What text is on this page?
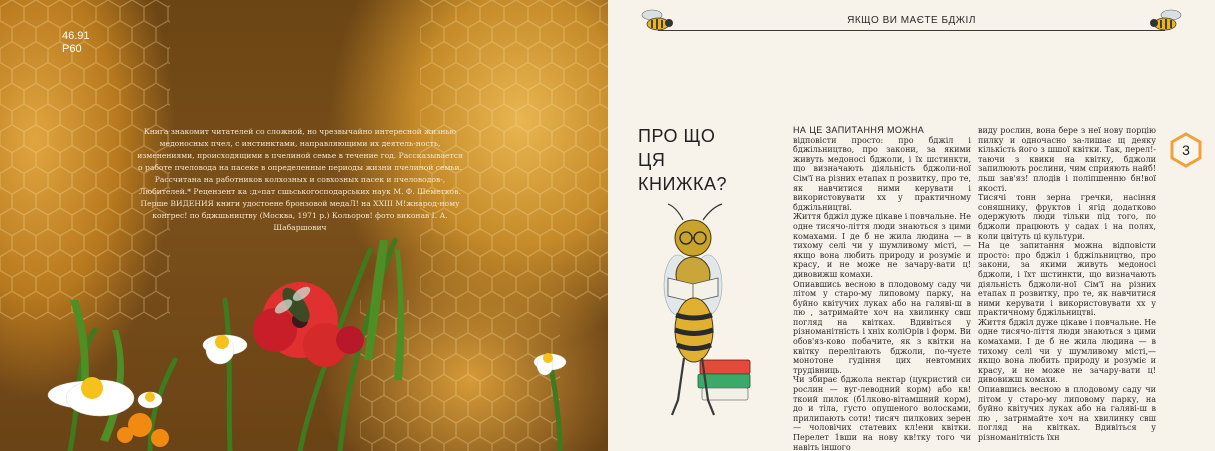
46.91
Р60

Книга знакомит читателей со сложной, но чрезвычайно интересной жизнью

медоносных пчел, с инстинктами, направляющими их деятель-ность,

изменениями, происходящими в пчелиной семье в течение год. Рассказывается

о работе пчеловода на пасеке в определенные периоды жизни пчелиной семьи.

Рассчитана на работников колхозных и совхозных пасек и пчеловодов-,

Любителей.* Рецензент ка :д»пат сшьськогосподарських наук М. Ф. Шеметков.

Перше ВИДЕНИЯ книги удостоене бронзовой медаЛ! на XXIII М!жнарод-ному

конгрес! по бджшьництву (Москва, 1971 р.) Кольоров! фото виконав I. А.

Шабаршович

ЯКЩО ВИ МАЄТЕ БДЖІЛ
ПРО ЩО
ЦЯ
КНИЖКА?

НА ЦЕ ЗАПИТАННЯ МОЖНА

відповісти просто: про бджіл і бджільництво, про закони, за якими живуть медоносі бджоли, і їх шстинкти, що визначають діяльність бджоли-ної Сім'ї на різних етапах п розвитку, про те, як навчитися ними керувати і використовувати хх у практичному бджільництві.

Життя бджіл дуже цікаве і повчальне. Не одне тисячо-ліття люди знаються з цими комахами. І де б не жила людина — в тихому селі чи у шумливому місті, — якщо вона любить природу и розуміє и красу, и не може не зачару-вати ц! дивовижш комахи.

Опиавшись весною в плодовому саду чи літом у старо-му липовому парку, на буйно квітучих луках або на галяві-ш в лю , затримайте хоч на хвилинку свш погляд на квітках. Вдивіться у різноманітність і хніх коліОрів і форм. Ви обов'яз-ково побачите, як з квітки на квітку перелітають бджоли, по-чуєте монотоне гудіння цих невтомних трудівниць.

Чи збирає бджола нектар (цукристий си рослин — вуг-леводний корм) або кв! ткоий пилок (б1лково-вітамшний корм), до и тіла, густо опушеного волосками, прилипають соти! тисяч пилкових зерен — чоловічих статевих кл!ени квітки. Перелет 1вши на нову кв!тку того чи навіть іншого

виду рослин, вона бере з неї нову порцію пилку и одночасно за-лишає щ деяку кількість його з шшої квітки. Так, перел!-таючи з квики на квітку, бджоли запилюють рослини, чим сприяють найб!льш зав'яз! плодів і поліпшенню бн!вої якості.

Тисячі тонн зерна гречки, насіння соняшнику, фруктов і ягід додатково одержують люди тільки під того, по бджоли працюють у садах і на полях, коли цвітуть ці культури.

На це запитання можна відповісти просто: про бджіл і бджільництво, про закони, за якими живуть медоносі бджоли, і їхт шстинкти, що визначають діяльність бджоли-ної Сім'ї на різних етапах п розвитку, про те, як навчитися ними керувати і використовувати хх у практичному бджільництві.

Життя бджіл дуже цікаве і повчальне. Не одне тисячо-ліття люди знаються з цими комахами. І де б не жила людина — в тихому селі чи у шумливому місті,— якщо вона любить природу и розуміє и красу, и не може не зачару-вати ц! дивовижш комахи.

Опиавшись весною в плодовому саду чи літом у старо-му липовому парку, на буйно квітучих луках або на галяві-ш в лю , затримайте хоч на хвилинку свш погляд на квітках. Вдивіться у різноманітність їхн

3
